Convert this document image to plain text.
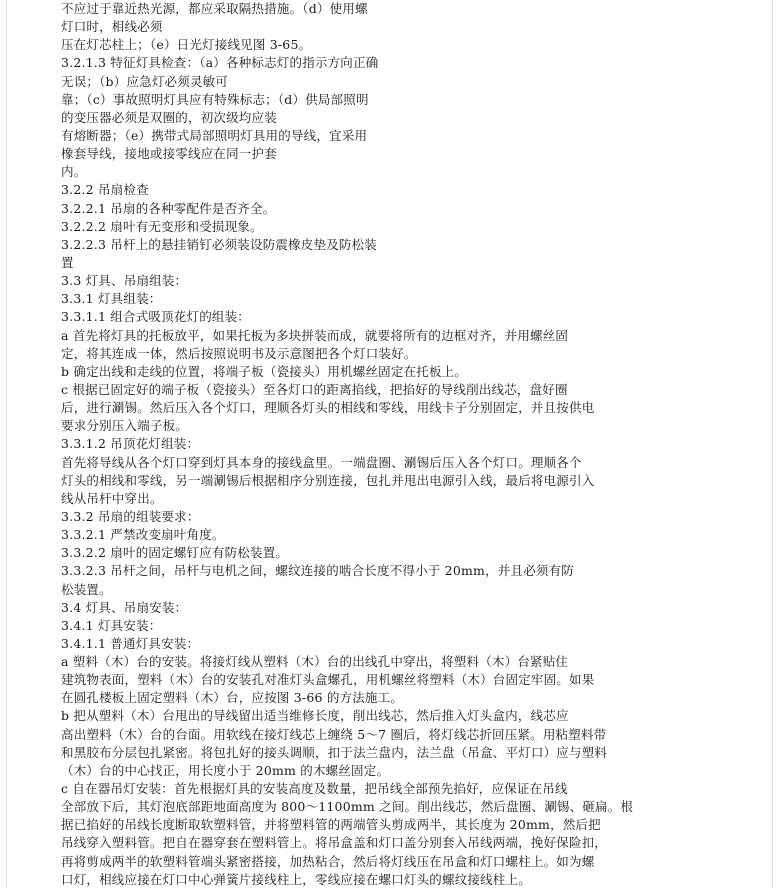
不应过于靠近热光源，都应采取隔热措施。（d）使用螺
灯口时，相线必须
压在灯芯柱上；（e）日光灯接线见图 3-65。
3.2.1.3 特征灯具检查：（a）各种标志灯的指示方向正确
无误；（b）应急灯必须灵敏可
靠；（c）事故照明灯具应有特殊标志；（d）供局部照明
的变压器必须是双圈的，初次级均应装
有熔断器；（e）携带式局部照明灯具用的导线，宜采用
橡套导线，接地或接零线应在同一护套
内。
3.2.2 吊扇检查
3.2.2.1 吊扇的各种零配件是否齐全。
3.2.2.2 扇叶有无变形和受损现象。
3.2.2.3 吊杆上的悬挂销钉必须装设防震橡皮垫及防松装
置
3.3 灯具、吊扇组装：
3.3.1 灯具组装：
3.3.1.1 组合式吸顶花灯的组装：
a 首先将灯具的托板放平，如果托板为多块拼装而成，就要将所有的边框对齐，并用螺丝固
定，将其连成一体，然后按照说明书及示意图把各个灯口装好。
b 确定出线和走线的位置，将端子板（瓷接头）用机螺丝固定在托板上。
c 根据已固定好的端子板（瓷接头）至各灯口的距离掐线，把掐好的导线削出线芯，盘好圈
后，进行涮锡。然后压入各个灯口，理顺各灯头的相线和零线，用线卡子分别固定，并且按供电
要求分别压入端子板。
3.3.1.2 吊顶花灯组装：
首先将导线从各个灯口穿到灯具本身的接线盒里。一端盘圈、涮锡后压入各个灯口。理顺各个
灯头的相线和零线，另一端涮锡后根据相序分别连接，包扎并甩出电源引入线，最后将电源引入
线从吊杆中穿出。
3.3.2 吊扇的组装要求：
3.3.2.1 严禁改变扇叶角度。
3.3.2.2 扇叶的固定螺钉应有防松装置。
3.3.2.3 吊杆之间，吊杆与电机之间，螺纹连接的啮合长度不得小于 20mm，并且必须有防
松装置。
3.4 灯具、吊扇安装：
3.4.1 灯具安装：
3.4.1.1 普通灯具安装：
a 塑料（木）台的安装。将接灯线从塑料（木）台的出线孔中穿出，将塑料（木）台紧贴住
建筑物表面，塑料（木）台的安装孔对准灯头盒螺孔，用机螺丝将塑料（木）台固定牢固。如果
在圆孔楼板上固定塑料（木）台，应按图 3-66 的方法施工。
b 把从塑料（木）台甩出的导线留出适当维修长度，削出线芯，然后推入灯头盒内，线芯应
高出塑料（木）台的台面。用软线在接灯线芯上缠绕 5～7 圈后，将灯线芯折回压紧。用粘塑料带
和黑胶布分层包扎紧密。将包扎好的接头调顺，扣于法兰盘内，法兰盘（吊盒、平灯口）应与塑料
（木）台的中心找正，用长度小于 20mm 的木螺丝固定。
c 自在器吊灯安装：首先根据灯具的安装高度及数量，把吊线全部预先掐好，应保证在吊线
全部放下后，其灯泡底部距地面高度为 800～1100mm 之间。削出线芯，然后盘圈、涮锡、砸扁。根
据已掐好的吊线长度断取软塑料管，并将塑料管的两端管头剪成两半，其长度为 20mm，然后把
吊线穿入塑料管。把自在器穿套在塑料管上。将吊盒盖和灯口盖分别套入吊线两端，挽好保险扣，
再将剪成两半的软塑料管端头紧密搭接，加热粘合，然后将灯线压在吊盒和灯口螺柱上。如为螺
口灯，相线应接在灯口中心弹簧片接线柱上，零线应接在螺口灯头的螺纹接线柱上。
